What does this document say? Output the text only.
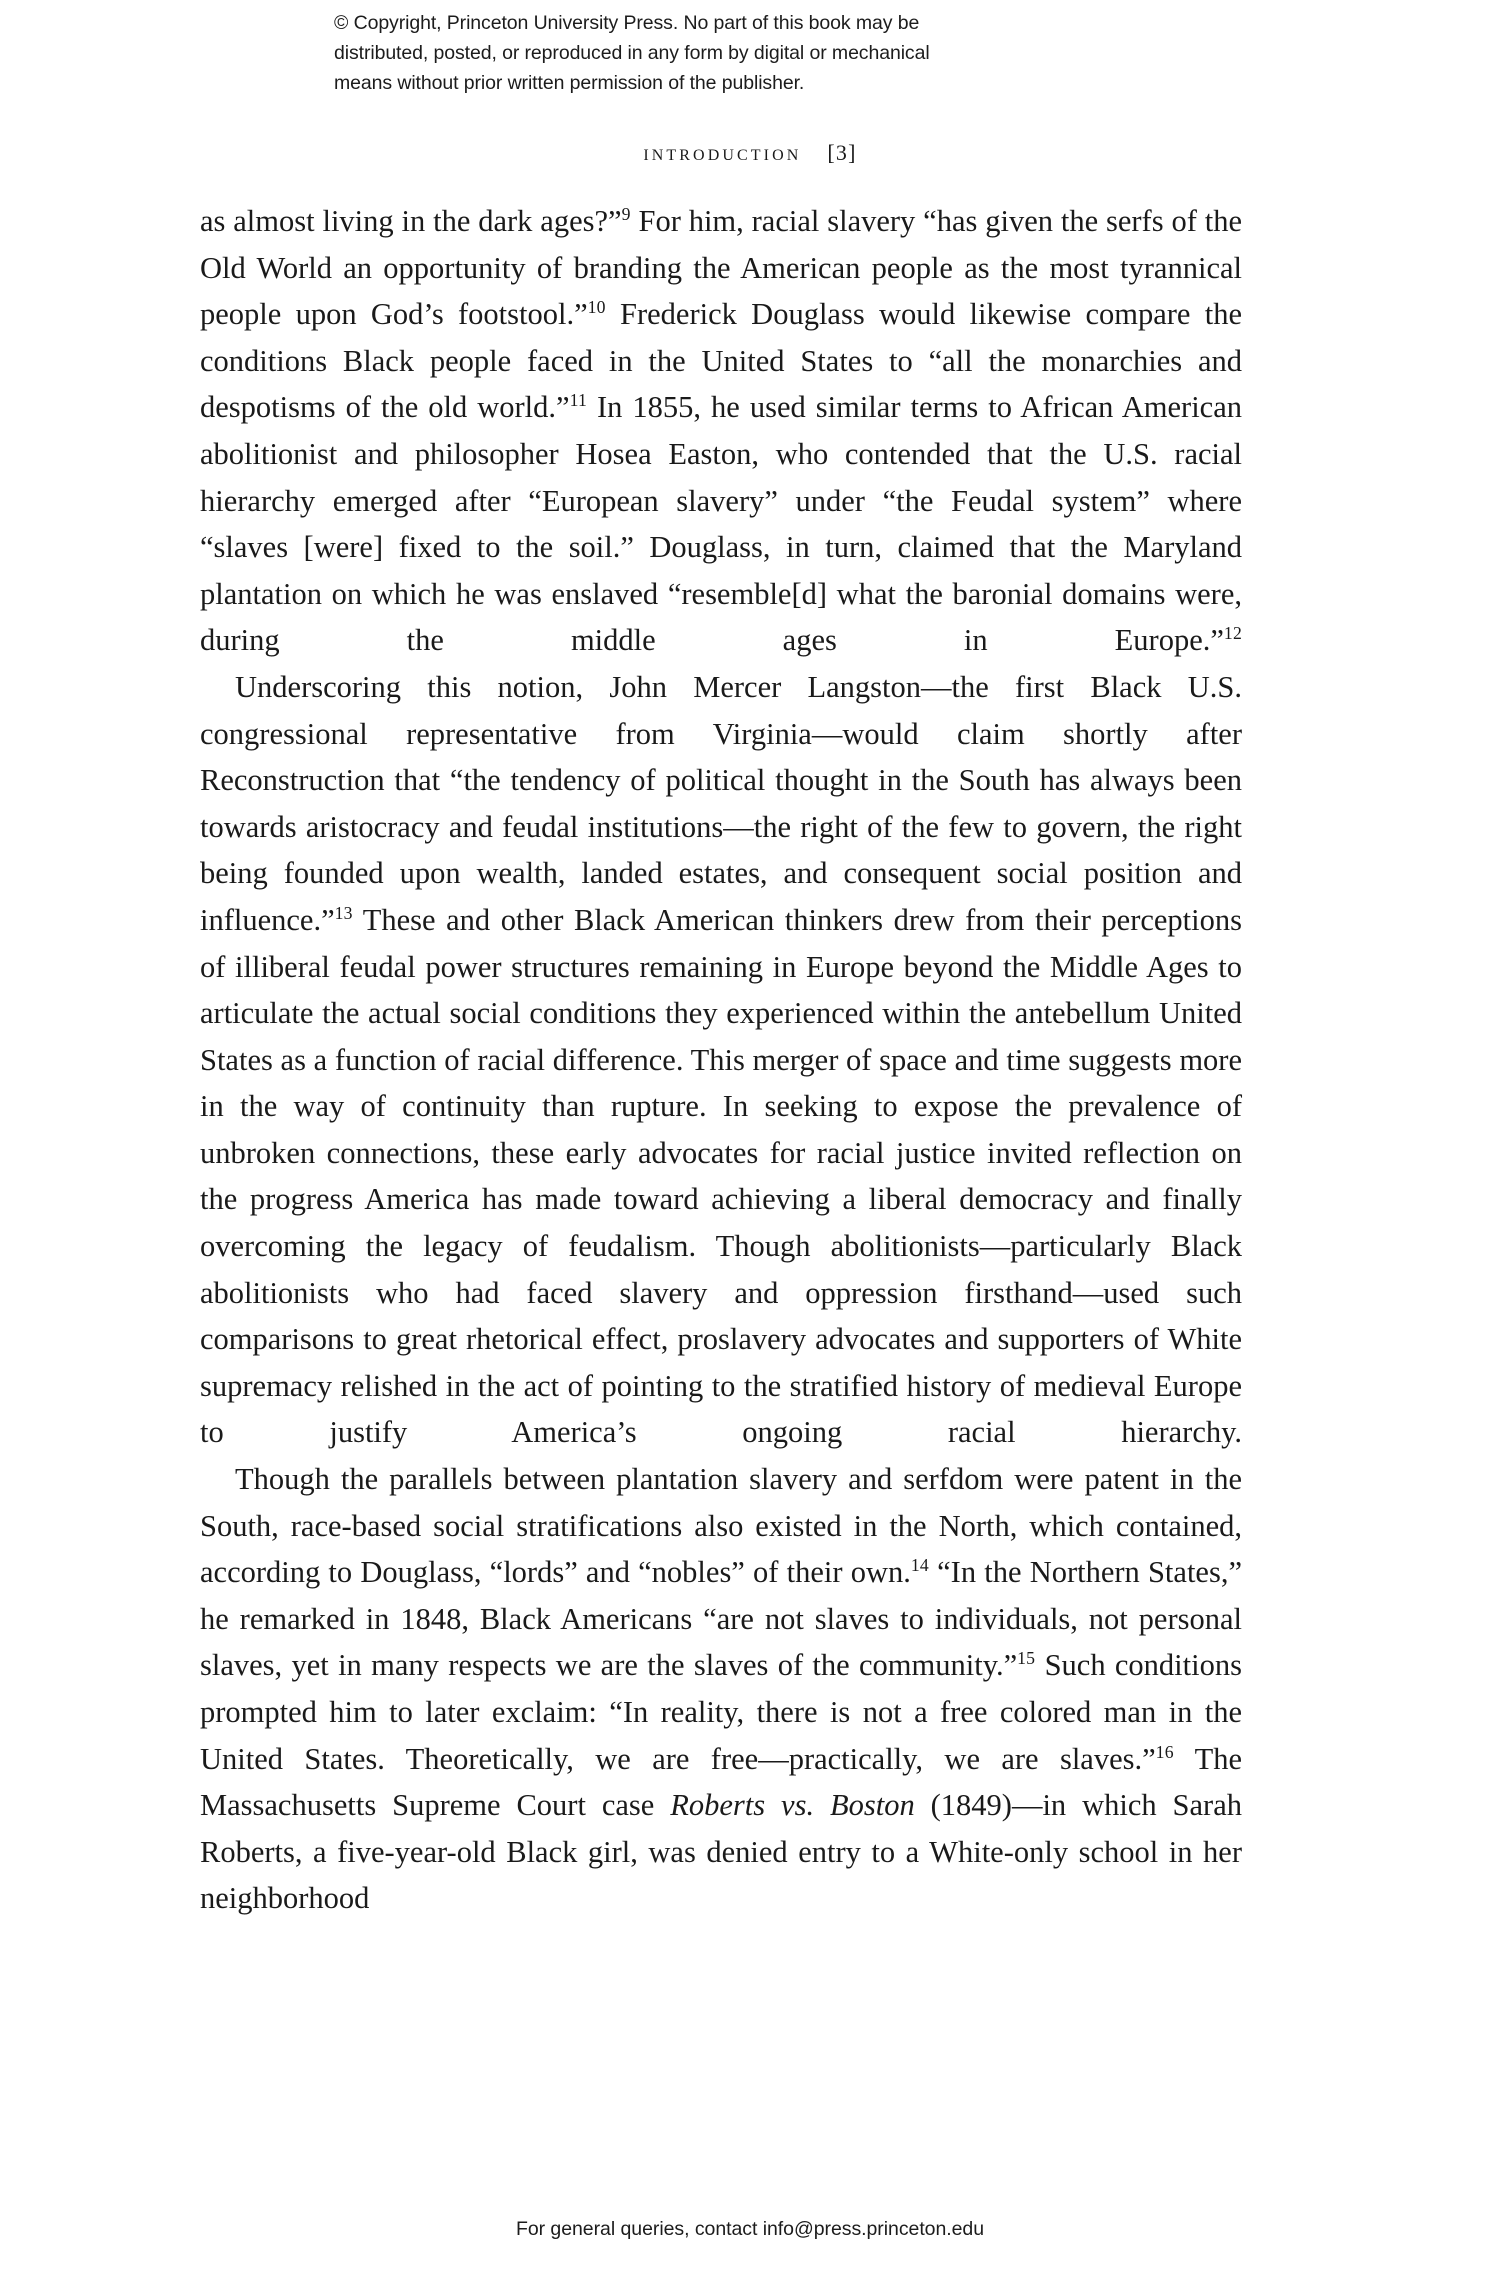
© Copyright, Princeton University Press. No part of this book may be
distributed, posted, or reproduced in any form by digital or mechanical
means without prior written permission of the publisher.
introduction [3]

as almost living in the dark ages?”$^9$ For him, racial slavery “has given the serfs of the Old World an opportunity of branding the American people as the most tyrannical people upon God’s footstool.”$^{10}$ Frederick Douglass would likewise compare the conditions Black people faced in the United States to “all the monarchies and despotisms of the old world.”$^{11}$ In 1855, he used similar terms to African American abolitionist and philosopher Hosea Easton, who contended that the U.S. racial hierarchy emerged after “European slavery” under “the Feudal system” where “slaves [were] fixed to the soil.” Douglass, in turn, claimed that the Maryland plantation on which he was enslaved “resemble[d] what the baronial domains were, during the middle ages in Europe.”$^{12}$

Underscoring this notion, John Mercer Langston—the first Black U.S. congressional representative from Virginia—would claim shortly after Reconstruction that “the tendency of political thought in the South has always been towards aristocracy and feudal institutions—the right of the few to govern, the right being founded upon wealth, landed estates, and consequent social position and influence.”$^{13}$ These and other Black American thinkers drew from their perceptions of illiberal feudal power structures remaining in Europe beyond the Middle Ages to articulate the actual social conditions they experienced within the antebellum United States as a function of racial difference. This merger of space and time suggests more in the way of continuity than rupture. In seeking to expose the prevalence of unbroken connections, these early advocates for racial justice invited reflection on the progress America has made toward achieving a liberal democracy and finally overcoming the legacy of feudalism. Though abolitionists—particularly Black abolitionists who had faced slavery and oppression firsthand—used such comparisons to great rhetorical effect, proslavery advocates and supporters of White supremacy relished in the act of pointing to the stratified history of medieval Europe to justify America’s ongoing racial hierarchy.

Though the parallels between plantation slavery and serfdom were patent in the South, race-based social stratifications also existed in the North, which contained, according to Douglass, “lords” and “nobles” of their own.$^{14}$ “In the Northern States,” he remarked in 1848, Black Americans “are not slaves to individuals, not personal slaves, yet in many respects we are the slaves of the community.”$^{15}$ Such conditions prompted him to later exclaim: “In reality, there is not a free colored man in the United States. Theoretically, we are free—practically, we are slaves.”$^{16}$ The Massachusetts Supreme Court case Roberts vs. Boston (1849)—in which Sarah Roberts, a five-year-old Black girl, was denied entry to a White-only school in her neighborhood

For general queries, contact info@press.princeton.edu
